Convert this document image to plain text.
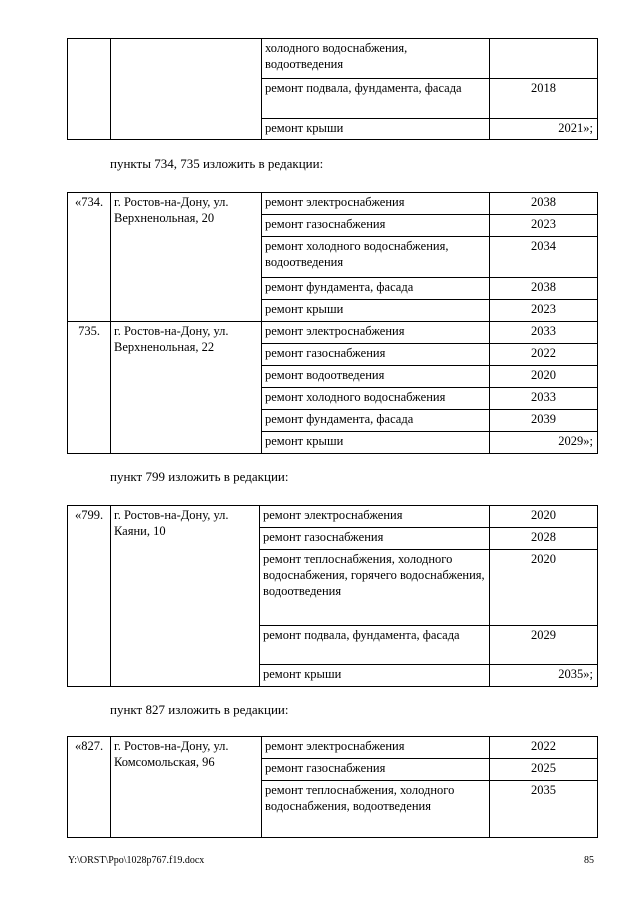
		холодного водоснабжения, водоотведения	
		ремонт подвала, фундамента, фасада	2018
		ремонт крыши	2021»;

пункты 734, 735 изложить в редакции:

«734.	г. Ростов-на-Дону, ул. Верхненольная, 20	ремонт электроснабжения	2038
		ремонт газоснабжения	2023
		ремонт холодного водоснабжения, водоотведения	2034
		ремонт фундамента, фасада	2038
		ремонт крыши	2023
735.	г. Ростов-на-Дону, ул. Верхненольная, 22	ремонт электроснабжения	2033
		ремонт газоснабжения	2022
		ремонт водоотведения	2020
		ремонт холодного водоснабжения	2033
		ремонт фундамента, фасада	2039
		ремонт крыши	2029»;

пункт 799 изложить в редакции:

«799.	г. Ростов-на-Дону, ул. Каяни, 10	ремонт электроснабжения	2020
		ремонт газоснабжения	2028
		ремонт теплоснабжения, холодного водоснабжения, горячего водоснабжения, водоотведения	2020
		ремонт подвала, фундамента, фасада	2029
		ремонт крыши	2035»;

пункт 827 изложить в редакции:

«827.	г. Ростов-на-Дону, ул. Комсомольская, 96	ремонт электроснабжения	2022
		ремонт газоснабжения	2025
		ремонт теплоснабжения, холодного водоснабжения, водоотведения	2035
Y:\ORST\Ppo\1028p767.f19.docx	85
